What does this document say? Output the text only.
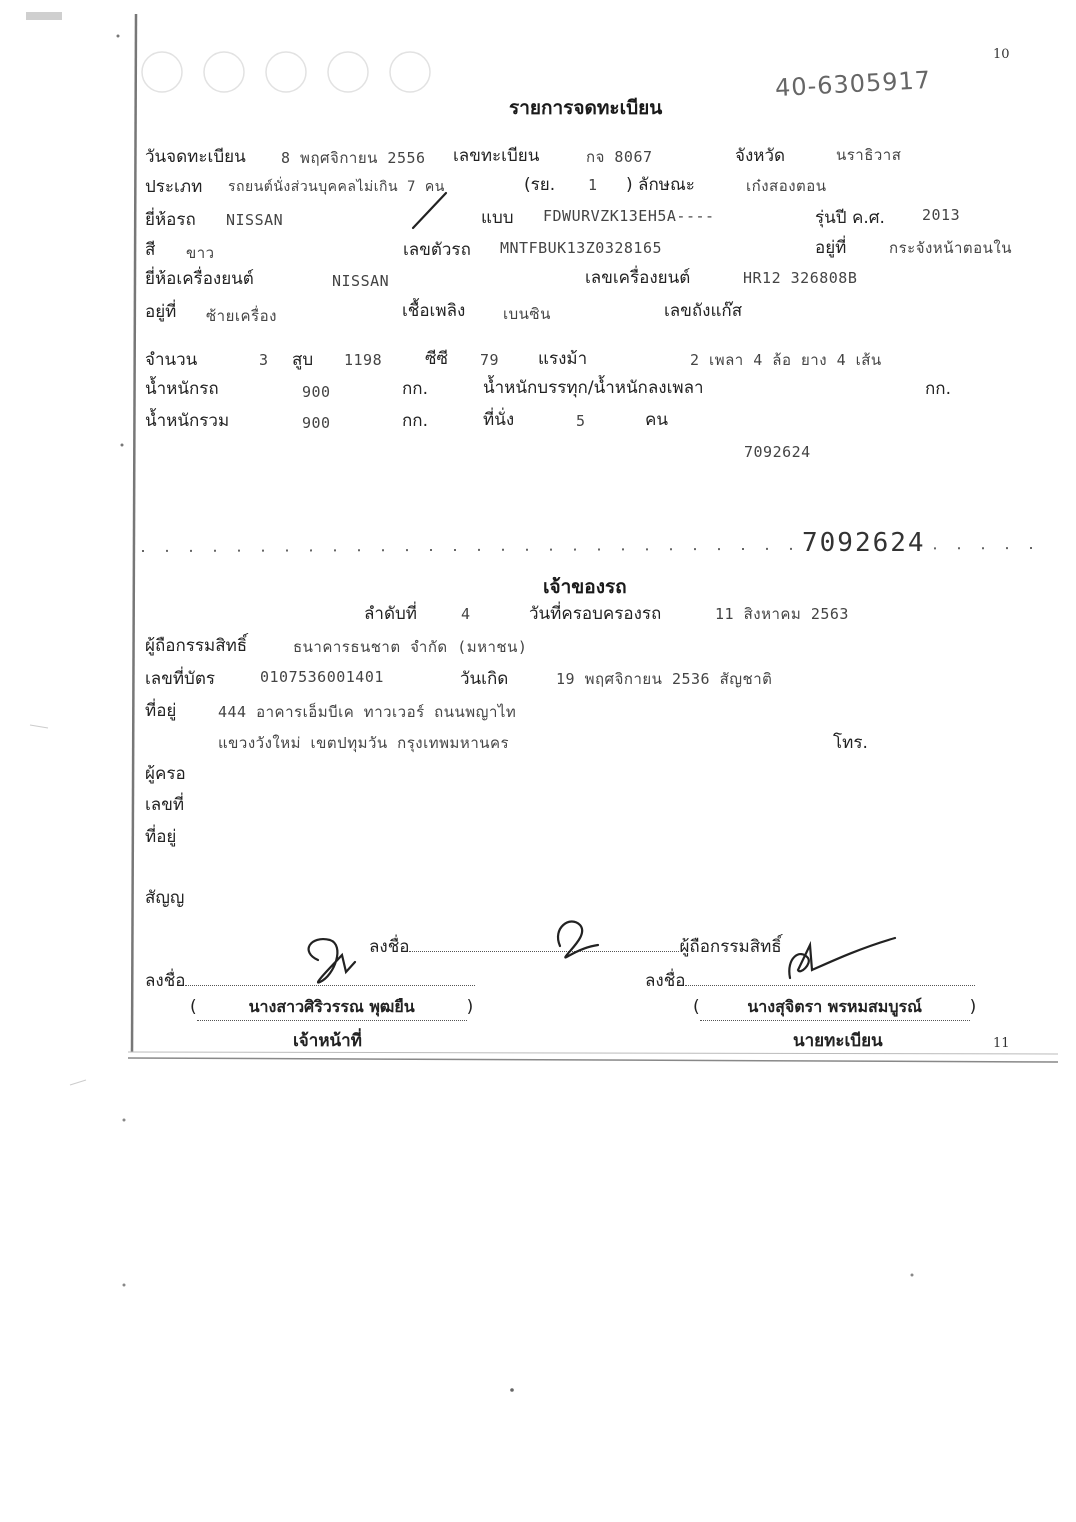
10
11
40-6305917
รายการจดทะเบียน
วันจดทะเบียน 8 พฤศจิกายน 2556 เลขทะเบียน	กจ 8067	จังหวัด	นราธิวาส
ประเภท รถยนต์นั่งส่วนบุคคลไม่เกิน 7 คน	(รย. 1 ) ลักษณะ	เก๋งสองตอน
ยี่ห้อรถ NISSAN	แบบ FDWURVZK13EH5A----	รุ่นปี ค.ศ. 2013
สี ขาว	เลขตัวรถ MNTFBUK13Z0328165	อยู่ที่	กระจังหน้าตอนใน
ยี่ห้อเครื่องยนต์	NISSAN	เลขเครื่องยนต์	HR12 326808B
อยู่ที่ ซ้ายเครื่อง	เชื้อเพลิง	เบนซิน	เลขถังแก๊ส
จำนวน	3 สูบ 1198	ซีซี 79 แรงม้า	2 เพลา 4 ล้อ ยาง 4 เส้น
น้ำหนักรถ	900	กก.	น้ำหนักบรรทุก/น้ำหนักลงเพลา	กก.
น้ำหนักรวม	900	กก.	ที่นั่ง	5	คน
7092624
7092624
เจ้าของรถ
ลำดับที่	4	วันที่ครอบครองรถ	11 สิงหาคม 2563
ผู้ถือกรรมสิทธิ์	ธนาคารธนชาต จำกัด (มหาชน)
เลขที่บัตร	0107536001401	วันเกิด	19 พฤศจิกายน 2536 สัญชาติ
ที่อยู่	444 อาคารเอ็มบีเค ทาวเวอร์ ถนนพญาไท
แขวงวังใหม่ เขตปทุมวัน กรุงเทพมหานคร	โทร.
ผู้ครอ
เลขที่
ที่อยู่
สัญญ
ลงชื่อ	ผู้ถือกรรมสิทธิ์
ลงชื่อ	ลงชื่อ
(	นางสาวศิริวรรณ พุฒยืน	)	(	นางสุจิตรา พรหมสมบูรณ์	)
เจ้าหน้าที่	นายทะเบียน
